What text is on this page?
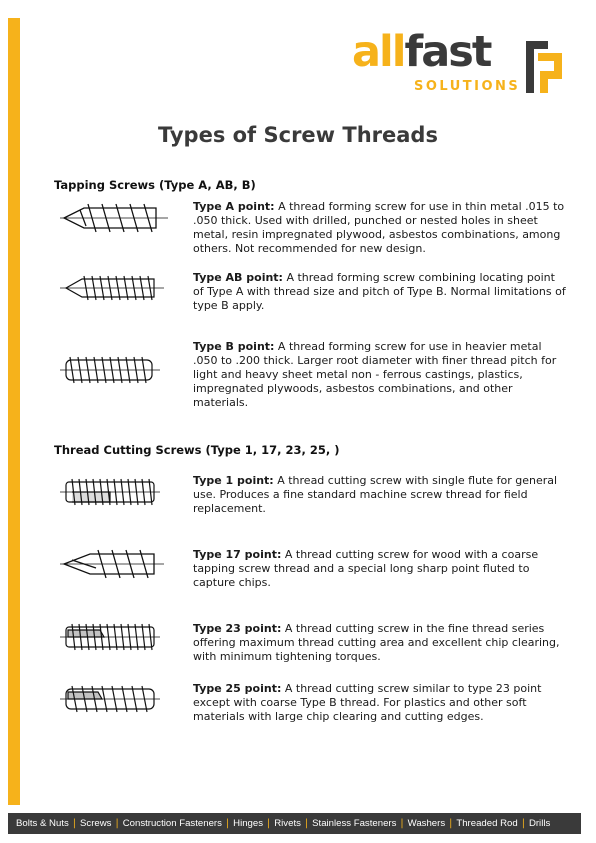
allfast
SOLUTIONS
Types of Screw Threads
Tapping Screws (Type A, AB, B)
Thread Cutting Screws (Type 1, 17, 23, 25, )
Type A point: A thread forming screw for use in thin metal .015 to .050 thick. Used with drilled, punched or nested holes in sheet metal, resin impregnated plywood, asbestos combinations, among others. Not recommended for new design.
Type AB point: A thread forming screw combining locating point of Type A with thread size and pitch of Type B. Normal limitations of type B apply.
Type B point: A thread forming screw for use in heavier metal .050 to .200 thick. Larger root diameter with finer thread pitch for light and heavy sheet metal non - ferrous castings, plastics, impregnated plywoods, asbestos combinations, and other materials.
Type 1 point: A thread cutting screw with single flute for general use. Produces a fine standard machine screw thread for field replacement.
Type 17 point: A thread cutting screw for wood with a coarse tapping screw thread and a special long sharp point fluted to capture chips.
Type 23 point: A thread cutting screw in the fine thread series offering maximum thread cutting area and excellent chip clearing, with minimum tightening torques.
Type 25 point: A thread cutting screw similar to type 23 point except with coarse Type B thread. For plastics and other soft materials with large chip clearing and cutting edges.
Bolts & Nuts | Screws | Construction Fasteners | Hinges | Rivets | Stainless Fasteners | Washers | Threaded Rod | Drills
